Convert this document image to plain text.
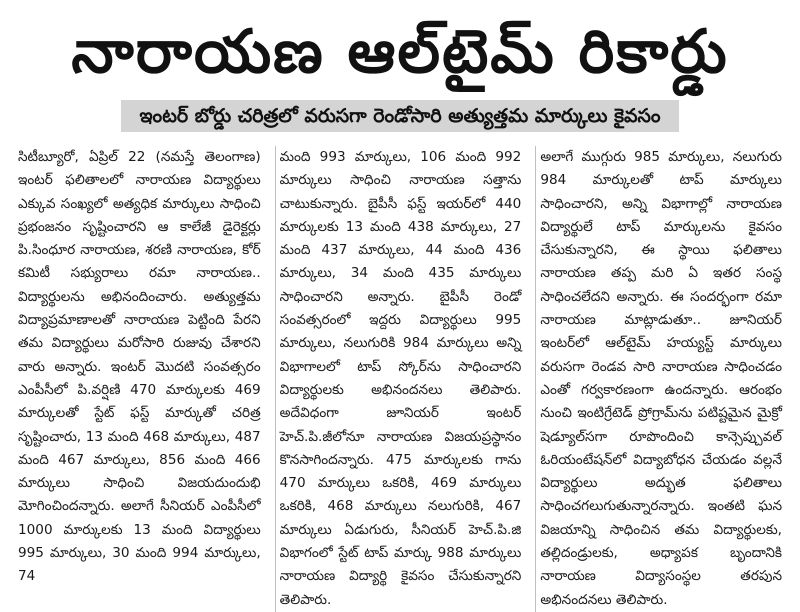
నారాయణ ఆల్‌టైమ్ రికార్డు
ఇంటర్ బోర్డు చరిత్రలో వరుసగా రెండోసారి అత్యుత్తమ మార్కులు కైవసం

సిటీబ్యూరో, ఏప్రిల్ 22 (నమస్తే తెలంగాణ) ఇంటర్ ఫలితాలలో నారాయణ విద్యార్థులు ఎక్కువ సంఖ్యలో అత్యధిక మార్కులు సాధించి ప్రభంజనం సృష్టించారని ఆ కాలేజీ డైరెక్టర్లు పి.సింధూర నారాయణ, శరణి నారాయణ, కోర్ కమిటీ సభ్యురాలు రమా నారాయణ.. విద్యార్థులను అభినందించారు. అత్యుత్తమ విద్యాప్రమాణాలతో నారాయణ పెట్టింది పేరని తమ విద్యార్థులు మరోసారి రుజువు చేశారని వారు అన్నారు. ఇంటర్ మొదటి సంవత్సరం ఎంపీసీలో పి.వర్షిణి 470 మార్కులకు 469 మార్కులతో స్టేట్ ఫస్ట్ మార్కుతో చరిత్ర సృష్టించారు, 13 మంది 468 మార్కులు, 487 మంది 467 మార్కులు, 856 మంది 466 మార్కులు సాధించి విజయదుందుభి మోగించిందన్నారు. అలాగే సీనియర్ ఎంపీసీలో 1000 మార్కులకు 13 మంది విద్యార్థులు 995 మార్కులు, 30 మంది 994 మార్కులు, 74

మంది 993 మార్కులు, 106 మంది 992 మార్కులు సాధించి నారాయణ సత్తాను చాటుకున్నారు. బైపీసీ ఫస్ట్ ఇయర్‌లో 440 మార్కులకు 13 మంది 438 మార్కులు, 27 మంది 437 మార్కులు, 44 మంది 436 మార్కులు, 34 మంది 435 మార్కులు సాధించారని అన్నారు. బైపీసీ రెండో సంవత్సరంలో ఇద్దరు విద్యార్థులు 995 మార్కులు, నలుగురికి 984 మార్కులు అన్ని విభాగాలలో టాప్ స్కోర్‌ను సాధించారని విద్యార్థులకు అభినందనలు తెలిపారు. అదేవిధంగా జూనియర్ ఇంటర్ హెచ్.పి.జీలోనూ నారాయణ విజయప్రస్థానం కొనసాగిందన్నారు. 475 మార్కులకు గాను 470 మార్కులు ఒకరికి, 469 మార్కులు ఒకరికి, 468 మార్కులు నలుగురికి, 467 మార్కులు ఏడుగురు, సీనియర్ హెచ్.పి.జి విభాగంలో స్టేట్ టాప్ మార్కు 988 మార్కులు నారాయణ విద్యార్థి కైవసం చేసుకున్నారని తెలిపారు.

అలాగే ముగ్గురు 985 మార్కులు, నలుగురు 984 మార్కులతో టాప్ మార్కులు సాధించారని, అన్ని విభాగాల్లో నారాయణ విద్యార్థులే టాప్ మార్కులను కైవసం చేసుకున్నారని, ఈ స్థాయి ఫలితాలు నారాయణ తప్ప మరి ఏ ఇతర సంస్థ సాధించలేదని అన్నారు. ఈ సందర్భంగా రమా నారాయణ మాట్లాడుతూ.. జూనియర్ ఇంటర్‌లో ఆల్‌టైమ్ హయ్యస్ట్ మార్కులు వరుసగా రెండవ సారి నారాయణ సాధించడం ఎంతో గర్వకారణంగా ఉందన్నారు. ఆరంభం నుంచి ఇంటిగ్రేటెడ్ ప్రోగ్రామ్‌ను పటిష్టమైన మైక్రో షెడ్యూల్‌సగా రూపొందించి కాన్సెప్చువల్ ఓరియంటేషన్‌లో విద్యాబోధన చేయడం వల్లనే విద్యార్థులు అద్భుత ఫలితాలు సాధించగలుగుతున్నారన్నారు. ఇంతటి ఘన విజయాన్ని సాధించిన తమ విద్యార్థులకు, తల్లిదండ్రులకు, అధ్యాపక బృందానికి నారాయణ విద్యాసంస్థల తరపున అభినందనలు తెలిపారు.
